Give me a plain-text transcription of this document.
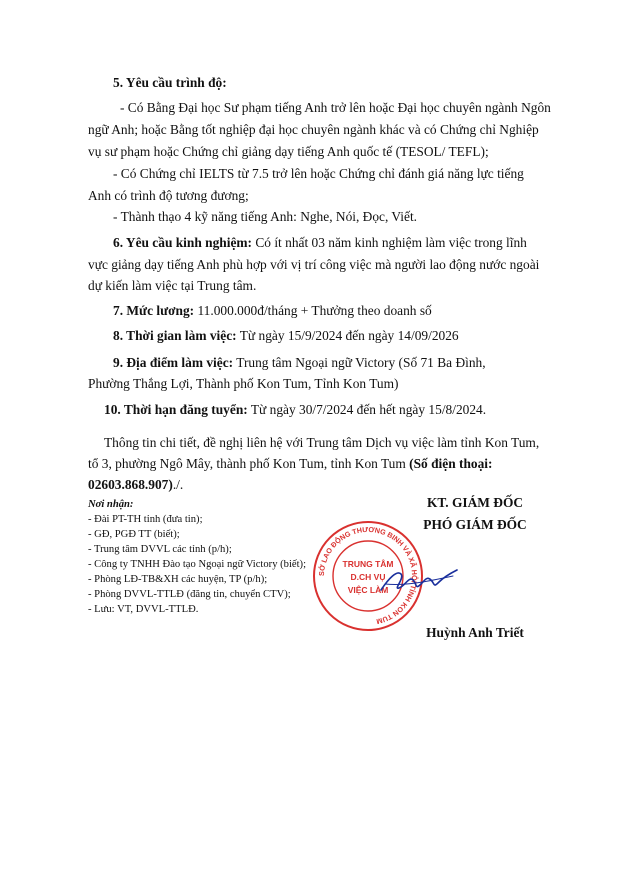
5. Yêu cầu trình độ:
- Có Bằng Đại học Sư phạm tiếng Anh trở lên hoặc Đại học chuyên ngành Ngôn
ngữ Anh; hoặc Bằng tốt nghiệp đại học chuyên ngành khác và có Chứng chỉ Nghiệp
vụ sư phạm hoặc Chứng chỉ giảng dạy tiếng Anh quốc tế (TESOL/ TEFL);
- Có Chứng chỉ IELTS từ 7.5 trở lên hoặc Chứng chỉ đánh giá năng lực tiếng
Anh có trình độ tương đương;
- Thành thạo 4 kỹ năng tiếng Anh: Nghe, Nói, Đọc, Viết.
6. Yêu cầu kinh nghiệm: Có ít nhất 03 năm kinh nghiệm làm việc trong lĩnh
vực giảng dạy tiếng Anh phù hợp với vị trí công việc mà người lao động nước ngoài
dự kiến làm việc tại Trung tâm.
7. Mức lương: 11.000.000đ/tháng + Thưởng theo doanh số
8. Thời gian làm việc: Từ ngày 15/9/2024 đến ngày 14/09/2026
9. Địa điểm làm việc: Trung tâm Ngoại ngữ Victory (Số 71 Ba Đình,
Phường Thắng Lợi, Thành phố Kon Tum, Tỉnh Kon Tum)
10. Thời hạn đăng tuyển: Từ ngày 30/7/2024 đến hết ngày 15/8/2024.
Thông tin chi tiết, đề nghị liên hệ với Trung tâm Dịch vụ việc làm tỉnh Kon Tum,
tổ 3, phường Ngô Mây, thành phố Kon Tum, tỉnh Kon Tum (Số điện thoại:
02603.868.907)./.
Nơi nhận:
- Đài PT-TH tỉnh (đưa tin);
- GĐ, PGĐ TT (biết);
- Trung tâm DVVL các tỉnh (p/h);
- Công ty TNHH Đào tạo Ngoại ngữ Victory (biết);
- Phòng LĐ-TB&XH các huyện, TP (p/h);
- Phòng DVVL-TTLĐ (đăng tin, chuyển CTV);
- Lưu: VT, DVVL-TTLĐ.
KT. GIÁM ĐỐC
PHÓ GIÁM ĐỐC
SỞ LAO ĐỘNG THƯƠNG BINH VÀ XÃ HỘI TỈNH KON TUM
TRUNG TÂM
D.CH VỤ
VIỆC LÀM
Huỳnh Anh Triết
